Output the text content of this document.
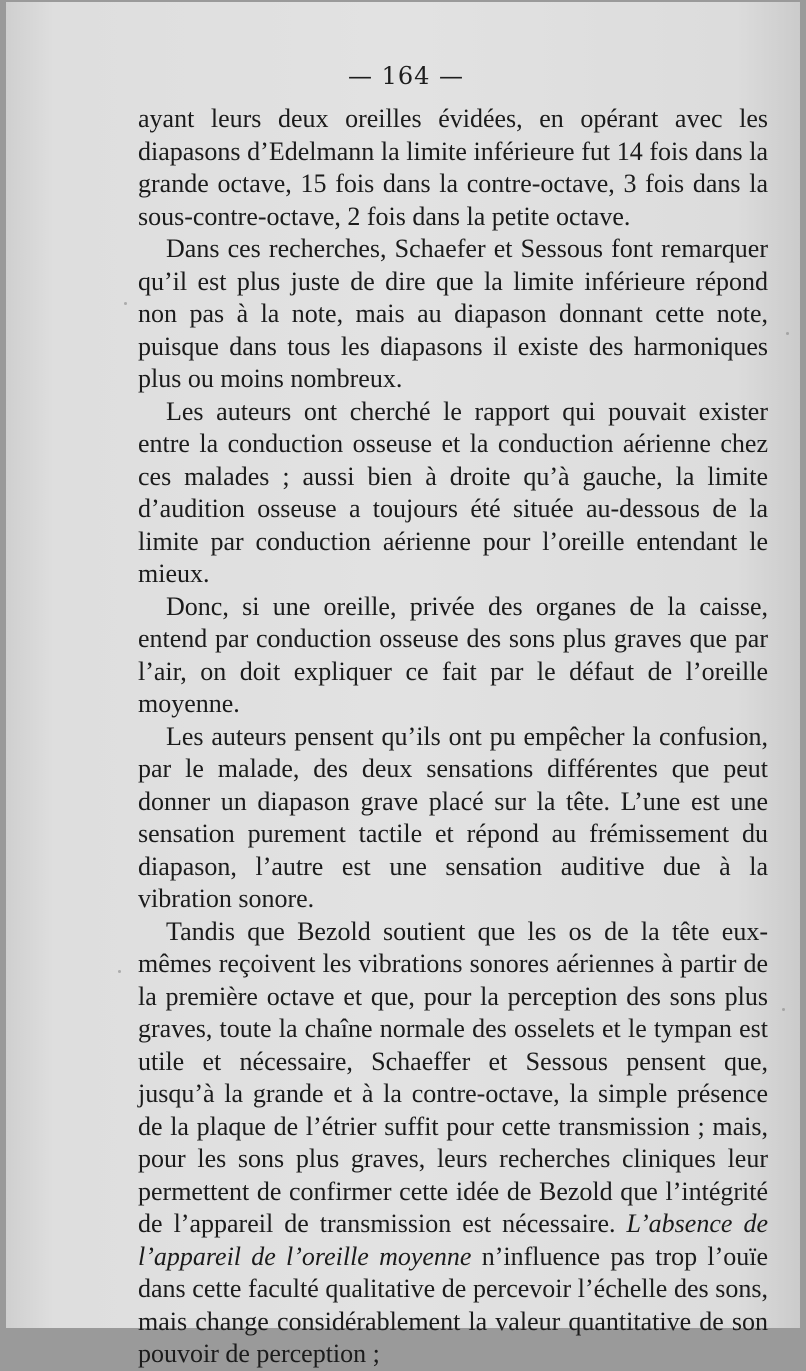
— 164 —

ayant leurs deux oreilles évidées, en opérant avec les diapasons d’Edelmann la limite inférieure fut 14 fois dans la grande octave, 15 fois dans la contre-octave, 3 fois dans la sous-contre-octave, 2 fois dans la petite octave.

Dans ces recherches, Schaefer et Sessous font remarquer qu’il est plus juste de dire que la limite inférieure répond non pas à la note, mais au diapason donnant cette note, puisque dans tous les diapasons il existe des harmoniques plus ou moins nombreux.

Les auteurs ont cherché le rapport qui pouvait exister entre la conduction osseuse et la conduction aérienne chez ces malades ; aussi bien à droite qu’à gauche, la limite d’audition osseuse a toujours été située au-dessous de la limite par conduction aérienne pour l’oreille entendant le mieux.

Donc, si une oreille, privée des organes de la caisse, entend par conduction osseuse des sons plus graves que par l’air, on doit expliquer ce fait par le défaut de l’oreille moyenne.

Les auteurs pensent qu’ils ont pu empêcher la confusion, par le malade, des deux sensations différentes que peut donner un diapason grave placé sur la tête. L’une est une sensation purement tactile et répond au frémissement du diapason, l’autre est une sensation auditive due à la vibration sonore.

Tandis que Bezold soutient que les os de la tête eux-mêmes reçoivent les vibrations sonores aériennes à partir de la première octave et que, pour la perception des sons plus graves, toute la chaîne normale des osselets et le tympan est utile et nécessaire, Schaeffer et Sessous pensent que, jusqu’à la grande et à la contre-octave, la simple présence de la plaque de l’étrier suffit pour cette transmission ; mais, pour les sons plus graves, leurs recherches cliniques leur permettent de confirmer cette idée de Bezold que l’intégrité de l’appareil de transmission est nécessaire. L’absence de l’appareil de l’oreille moyenne n’influence pas trop l’ouïe dans cette faculté qualitative de percevoir l’échelle des sons, mais change considérablement la valeur quantitative de son pouvoir de perception ;
